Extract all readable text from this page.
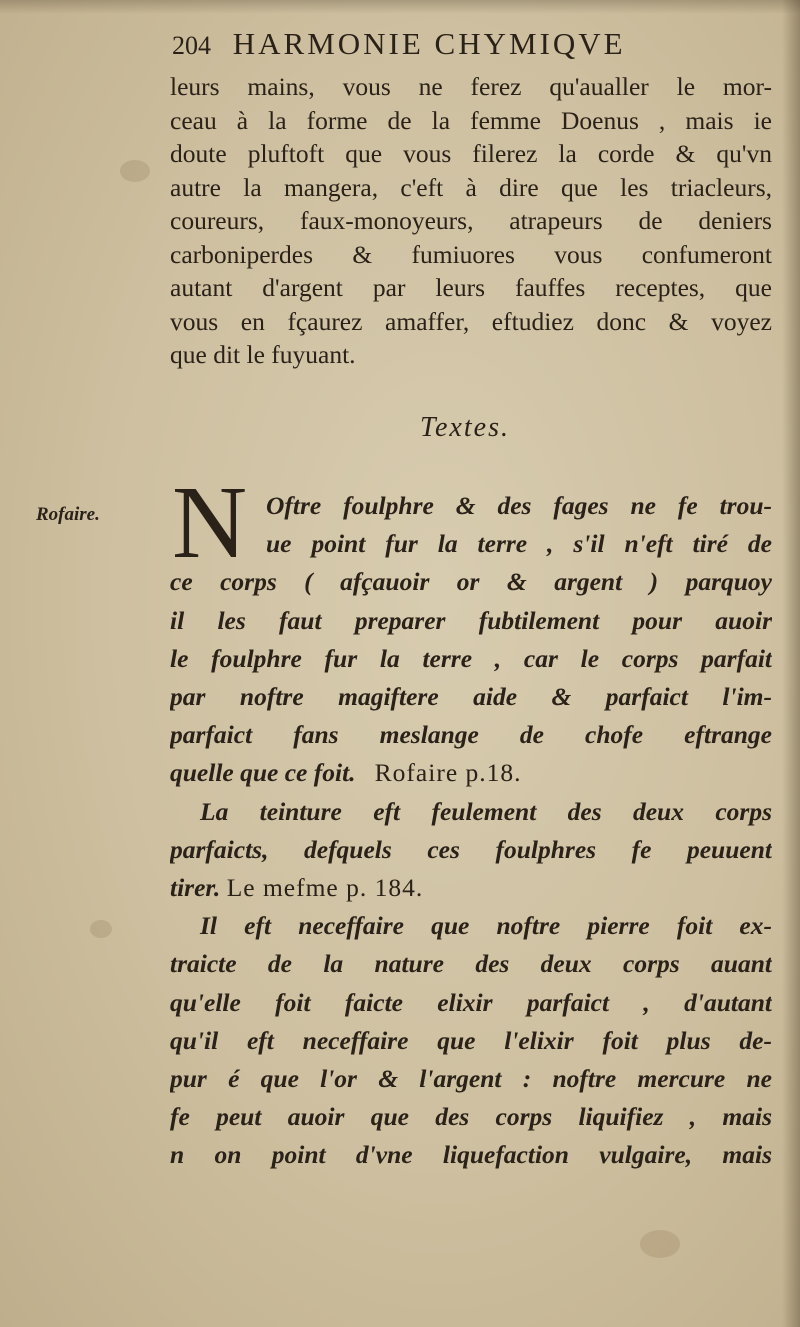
204 HARMONIE CHYMIQVE
leurs mains, vous ne ferez qu'aualler le mor-
ceau à la forme de la femme Doenus , mais ie
doute pluftoft que vous filerez la corde & qu'vn
autre la mangera, c'eft à dire que les triacleurs,
coureurs, faux-monoyeurs, atrapeurs de deniers
carboniperdes & fumiuores vous confumeront
autant d'argent par leurs fauffes receptes, que
vous en fçaurez amaffer, eftudiez donc & voyez
que dit le fuyuant.
Textes.
Rofaire. N Oftre foulphre & des fages ne fe trou-
ue point fur la terre , s'il n'eft tiré de
ce corps ( afçauoir or & argent ) parquoy
il les faut preparer fubtilement pour auoir
le foulphre fur la terre , car le corps parfait
par noftre magiftere aide & parfaict l'im-
parfaict fans meslange de chofe eftrange
quelle que ce foit. Rofaire p.18.
La teinture eft feulement des deux corps
parfaicts, defquels ces foulphres fe peuuent
tirer. Le mefme p. 184.
Il eft neceffaire que noftre pierre foit ex-
traicte de la nature des deux corps auant
qu'elle foit faicte elixir parfaict , d'autant
qu'il eft neceffaire que l'elixir foit plus de-
pur é que l'or & l'argent : noftre mercure ne
fe peut auoir que des corps liquifiez , mais
n on point d'vne liquefaction vulgaire, mais
